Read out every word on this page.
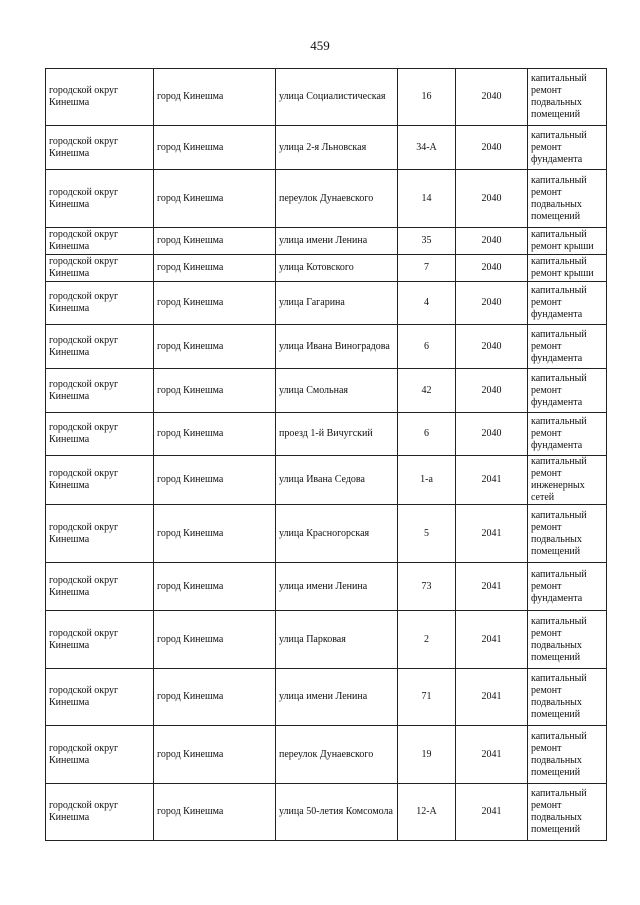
459
городской округ Кинешма	город Кинешма	улица Социалистическая	16	2040	капитальный ремонт подвальных помещений
городской округ Кинешма	город Кинешма	улица 2-я Льновская	34-А	2040	капитальный ремонт фундамента
городской округ Кинешма	город Кинешма	переулок Дунаевского	14	2040	капитальный ремонт подвальных помещений
городской округ Кинешма	город Кинешма	улица имени Ленина	35	2040	капитальный ремонт крыши
городской округ Кинешма	город Кинешма	улица Котовского	7	2040	капитальный ремонт крыши
городской округ Кинешма	город Кинешма	улица Гагарина	4	2040	капитальный ремонт фундамента
городской округ Кинешма	город Кинешма	улица Ивана Виноградова	6	2040	капитальный ремонт фундамента
городской округ Кинешма	город Кинешма	улица Смольная	42	2040	капитальный ремонт фундамента
городской округ Кинешма	город Кинешма	проезд 1-й Вичугский	6	2040	капитальный ремонт фундамента
городской округ Кинешма	город Кинешма	улица Ивана Седова	1-а	2041	капитальный ремонт инженерных сетей
городской округ Кинешма	город Кинешма	улица Красногорская	5	2041	капитальный ремонт подвальных помещений
городской округ Кинешма	город Кинешма	улица имени Ленина	73	2041	капитальный ремонт фундамента
городской округ Кинешма	город Кинешма	улица Парковая	2	2041	капитальный ремонт подвальных помещений
городской округ Кинешма	город Кинешма	улица имени Ленина	71	2041	капитальный ремонт подвальных помещений
городской округ Кинешма	город Кинешма	переулок Дунаевского	19	2041	капитальный ремонт подвальных помещений
городской округ Кинешма	город Кинешма	улица 50-летия Комсомола	12-А	2041	капитальный ремонт подвальных помещений
